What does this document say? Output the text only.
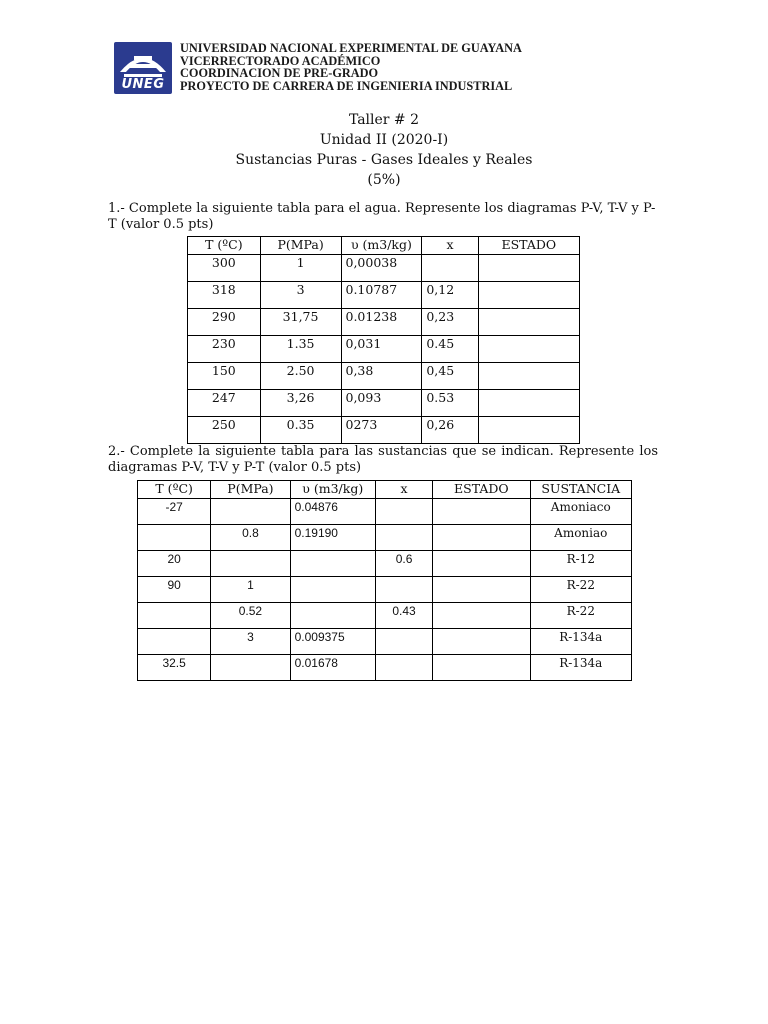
UNEG
UNIVERSIDAD NACIONAL EXPERIMENTAL DE GUAYANA
VICERRECTORADO ACADÉMICO
COORDINACION DE PRE-GRADO
PROYECTO DE CARRERA DE INGENIERIA INDUSTRIAL
Taller # 2
Unidad II (2020-I)
Sustancias Puras - Gases Ideales y Reales
(5%)
1.- Complete la siguiente tabla para el agua. Represente los diagramas P-V, T-V y P-T (valor 0.5 pts)
T (ºC)	P(MPa)	υ (m3/kg)	x	ESTADO
300	1	0,00038		
318	3	0.10787	0,12	
290	31,75	0.01238	0,23	
230	1.35	0,031	0.45	
150	2.50	0,38	0,45	
247	3,26	0,093	0.53	
250	0.35	0273	0,26	
2.- Complete la siguiente tabla para las sustancias que se indican. Represente los diagramas P-V, T-V y P-T (valor 0.5 pts)
T (ºC)	P(MPa)	υ (m3/kg)	x	ESTADO	SUSTANCIA
-27		0.04876			Amoniaco
	0.8	0.19190			Amoniao
20			0.6		R-12
90	1				R-22
	0.52		0.43		R-22
	3	0.009375			R-134a
32.5		0.01678			R-134a
